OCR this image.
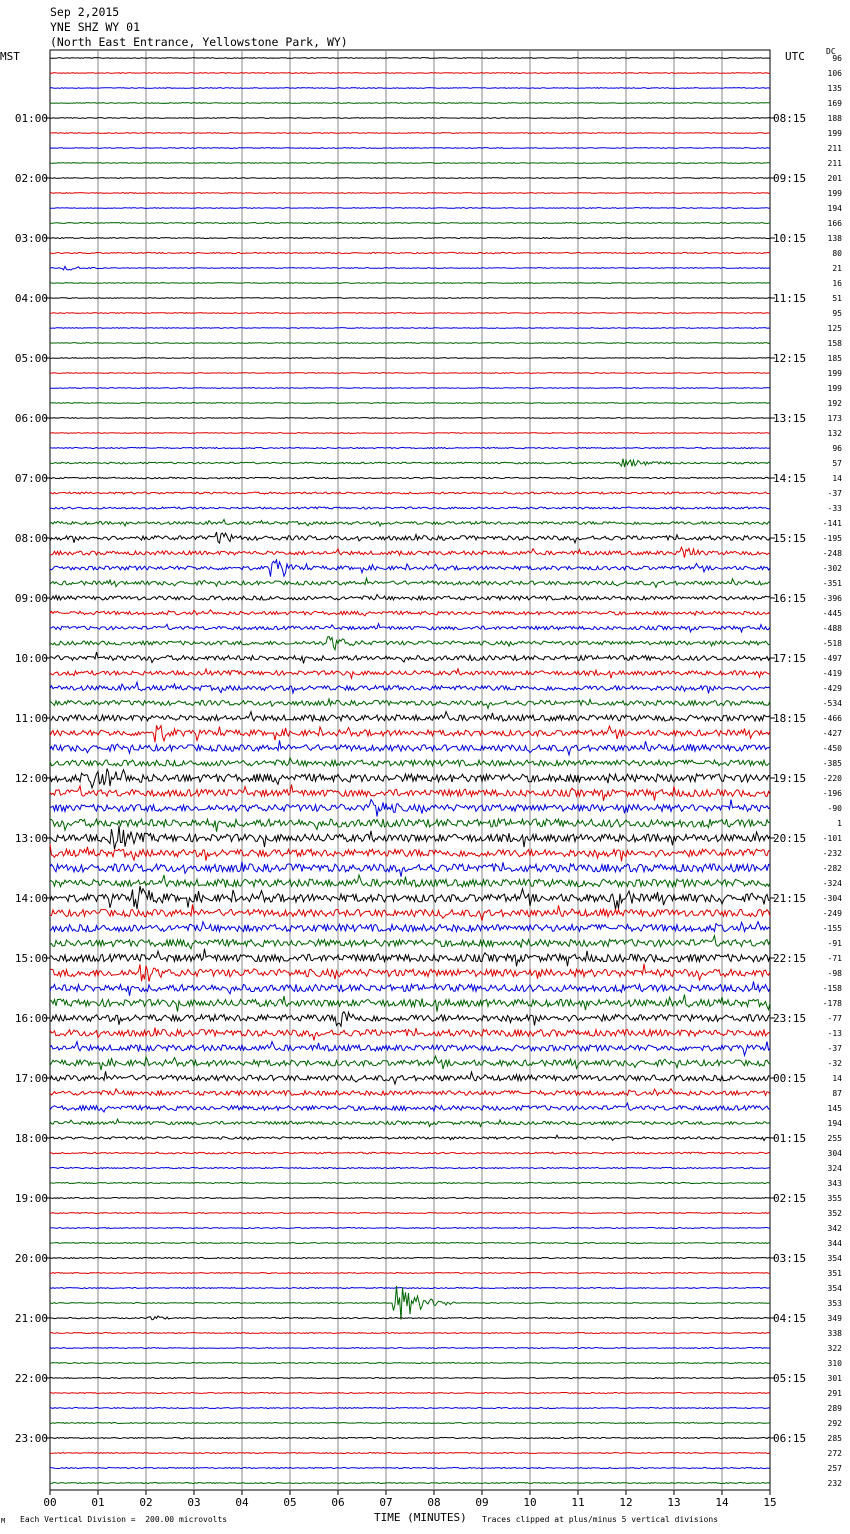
Sep 2,2015
YNE SHZ WY 01
(North East Entrance, Yellowstone Park, WY)
MST	UTC	DC
00	01	02	03	04	05	06	07	08	09	10	11	12	13	14	15
96
106
135
169
188
199
211
211
201
199
194
166
138
80
21
16
51
95
125
158
185
199
199
192
173
132
96
57
14
-37
-33
-141
-195
-248
-302
-351
-396
-445
-488
-518
-497
-419
-429
-534
-466
-427
-450
-385
-220
-196
-90
1
-101
-232
-282
-324
-304
-249
-155
-91
-71
-98
-158
-178
-77
-13
-37
-32
14
87
145
194
255
304
324
343
355
352
342
344
354
351
354
353
349
338
322
310
301
291
289
292
285
272
257
232
01:00	08:15
02:00	09:15
03:00	10:15
04:00	11:15
05:00	12:15
06:00	13:15
07:00	14:15
08:00	15:15
09:00	16:15
10:00	17:15
11:00	18:15
12:00	19:15
13:00	20:15
14:00	21:15
15:00	22:15
16:00	23:15
17:00	00:15
18:00	01:15
19:00	02:15
20:00	03:15
21:00	04:15
22:00	05:15
23:00	06:15
M Each Vertical Division =  200.00 microvolts	TIME (MINUTES) Traces clipped at plus/minus 5 vertical divisions
